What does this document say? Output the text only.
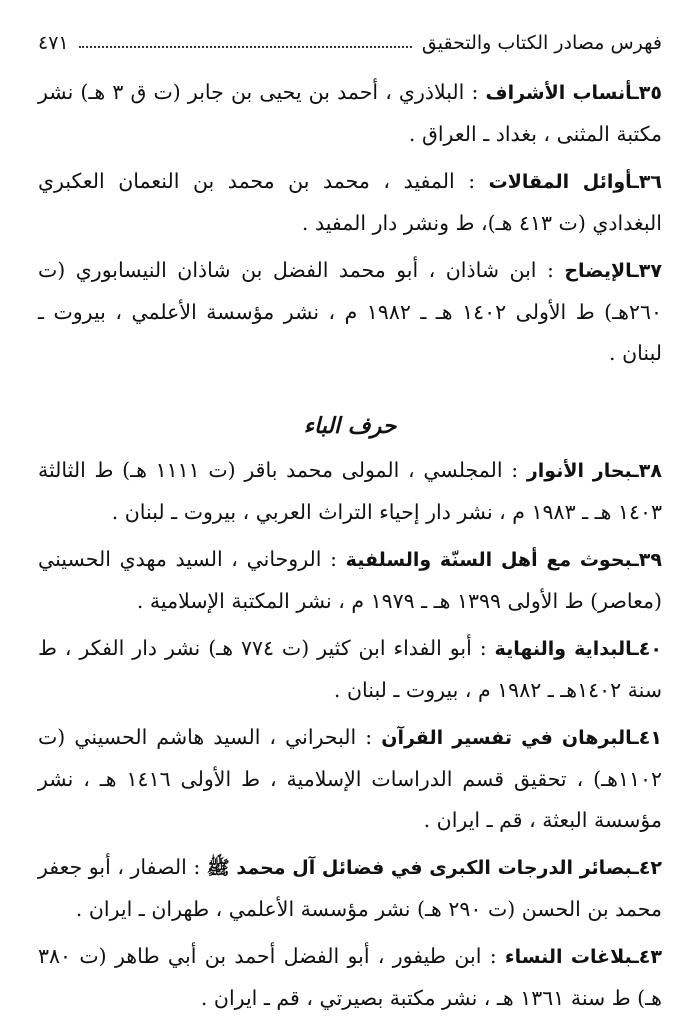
فهرس مصادر الكتاب والتحقيق
٤٧١

٣٥ـأنساب الأشراف : البلاذري ، أحمد بن يحيى بن جابر (ت ق ٣ هـ) نشر مكتبة المثنى ، بغداد ـ العراق .

٣٦ـأوائل المقالات : المفيد ، محمد بن محمد بن النعمان العكبري البغدادي (ت ٤١٣ هـ)، ط ونشر دار المفيد .

٣٧ـالإيضاح : ابن شاذان ، أبو محمد الفضل بن شاذان النيسابوري (ت ٢٦٠هـ) ط الأولى ١٤٠٢ هـ ـ ١٩٨٢ م ، نشر مؤسسة الأعلمي ، بيروت ـ لبنان .

حرف الباء

٣٨ـبحار الأنوار : المجلسي ، المولى محمد باقر (ت ١١١١ هـ) ط الثالثة ١٤٠٣ هـ ـ ١٩٨٣ م ، نشر دار إحياء التراث العربي ، بيروت ـ لبنان .

٣٩ـبحوث مع أهل السنّة والسلفية : الروحاني ، السيد مهدي الحسيني (معاصر) ط الأولى ١٣٩٩ هـ ـ ١٩٧٩ م ، نشر المكتبة الإسلامية .

٤٠ـالبداية والنهاية : أبو الفداء ابن كثير (ت ٧٧٤ هـ) نشر دار الفكر ، ط سنة ١٤٠٢هـ ـ ١٩٨٢ م ، بيروت ـ لبنان .

٤١ـالبرهان في تفسير القرآن : البحراني ، السيد هاشم الحسيني (ت ١١٠٢هـ) ، تحقيق قسم الدراسات الإسلامية ، ط الأولى ١٤١٦ هـ ، نشر مؤسسة البعثة ، قم ـ ايران .

٤٢ـبصائر الدرجات الكبرى في فضائل آل محمد ﷺ : الصفار ، أبو جعفر محمد بن الحسن (ت ٢٩٠ هـ) نشر مؤسسة الأعلمي ، طهران ـ ايران .

٤٣ـبلاغات النساء : ابن طيفور ، أبو الفضل أحمد بن أبي طاهر (ت ٣٨٠ هـ) ط سنة ١٣٦١ هـ ، نشر مكتبة بصيرتي ، قم ـ ايران .
